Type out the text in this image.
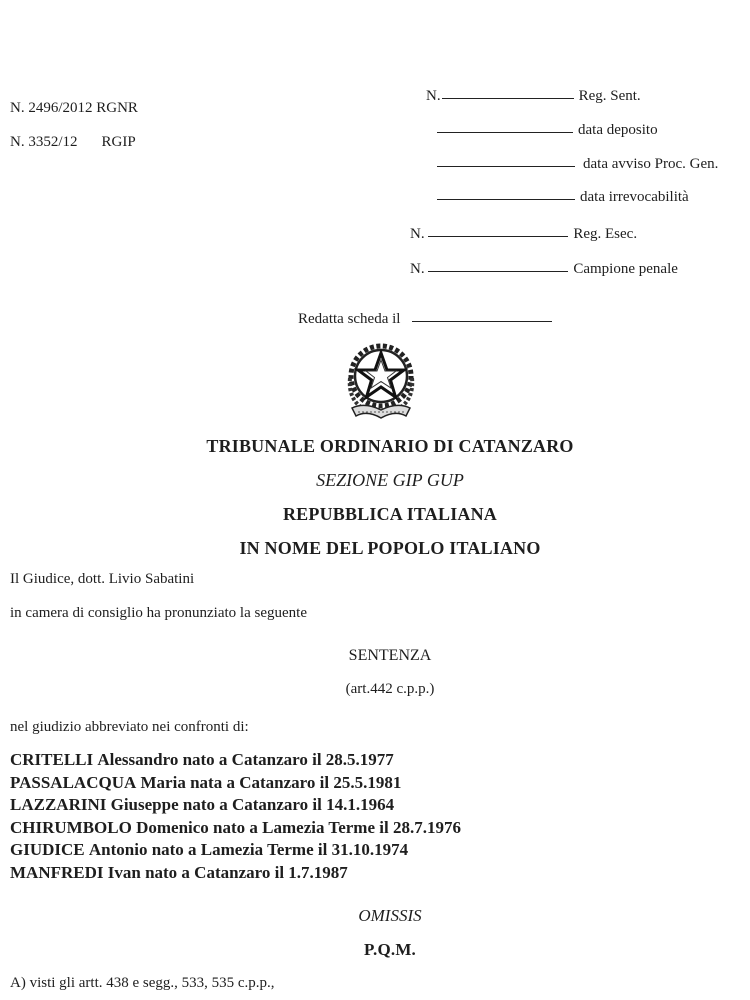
N. 2496/2012 RGNR
N. 3352/12 RGIP
N.	Reg. Sent.
data deposito
data avviso Proc. Gen.
data irrevocabilità
N.	Reg. Esec.
N.	Campione penale
Redatta scheda il
TRIBUNALE ORDINARIO DI CATANZARO
SEZIONE GIP GUP
REPUBBLICA ITALIANA
IN NOME DEL POPOLO ITALIANO
Il Giudice, dott. Livio Sabatini
in camera di consiglio ha pronunziato la seguente
SENTENZA
(art.442 c.p.p.)
nel giudizio abbreviato nei confronti di:
CRITELLI Alessandro nato a Catanzaro il 28.5.1977
PASSALACQUA Maria nata a Catanzaro il 25.5.1981
LAZZARINI Giuseppe nato a Catanzaro il 14.1.1964
CHIRUMBOLO Domenico nato a Lamezia Terme il 28.7.1976
GIUDICE Antonio nato a Lamezia Terme il 31.10.1974
MANFREDI Ivan nato a Catanzaro il 1.7.1987
OMISSIS
P.Q.M.
A) visti gli artt. 438 e segg., 533, 535 c.p.p.,
